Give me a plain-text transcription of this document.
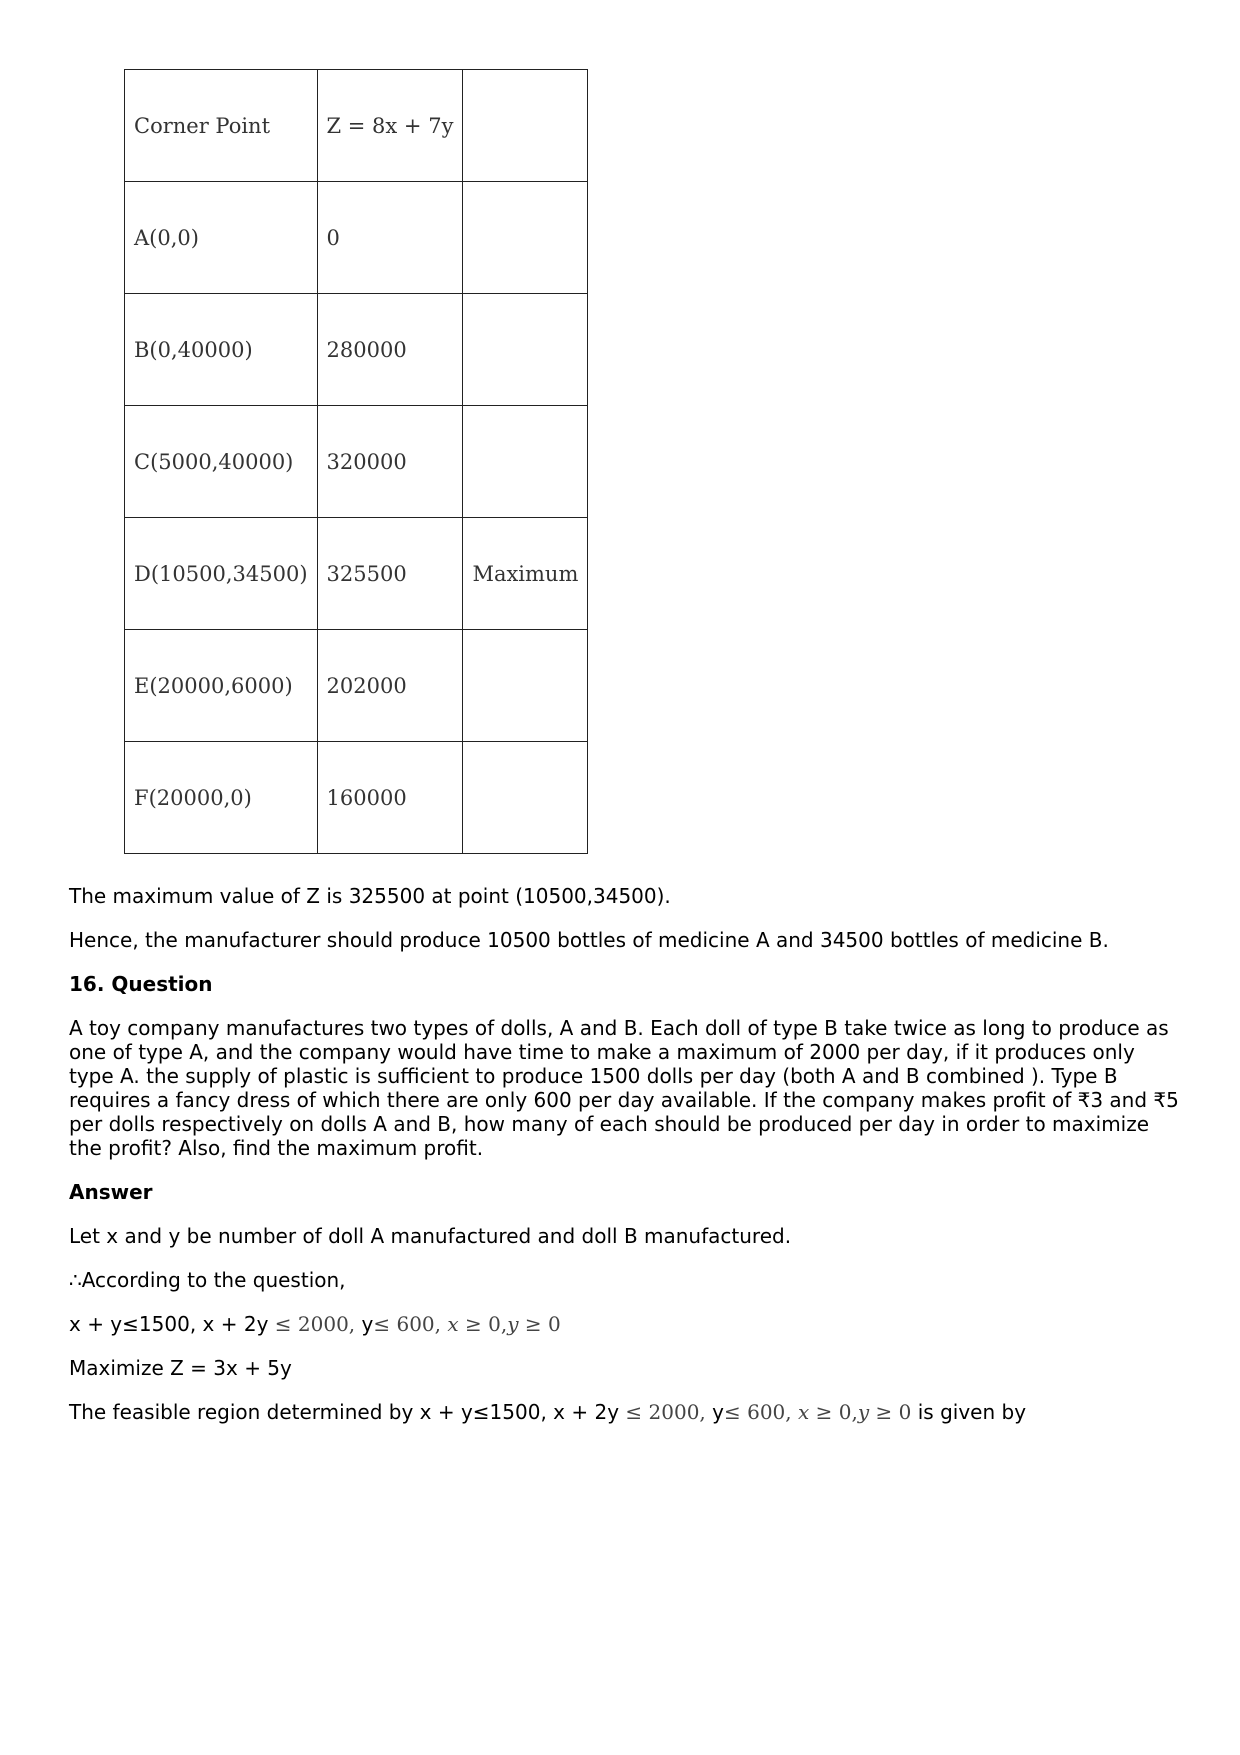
Corner Point	Z = 8x + 7y	
A(0,0)	0	
B(0,40000)	280000	
C(5000,40000)	320000	
D(10500,34500)	325500	Maximum
E(20000,6000)	202000	
F(20000,0)	160000	

The maximum value of Z is 325500 at point (10500,34500).

Hence, the manufacturer should produce 10500 bottles of medicine A and 34500 bottles of medicine B.

16. Question

A toy company manufactures two types of dolls, A and B. Each doll of type B take twice as long to produce as one of type A, and the company would have time to make a maximum of 2000 per day, if it produces only type A. the supply of plastic is sufficient to produce 1500 dolls per day (both A and B combined ). Type B requires a fancy dress of which there are only 600 per day available. If the company makes profit of ₹3 and ₹5 per dolls respectively on dolls A and B, how many of each should be produced per day in order to maximize the profit? Also, find the maximum profit.

Answer

Let x and y be number of doll A manufactured and doll B manufactured.

∴According to the question,

x + y≤1500, x + 2y ≤ 2000, y≤ 600, x ≥ 0,y ≥ 0

Maximize Z = 3x + 5y

The feasible region determined by x + y≤1500, x + 2y ≤ 2000, y≤ 600, x ≥ 0,y ≥ 0 is given by
